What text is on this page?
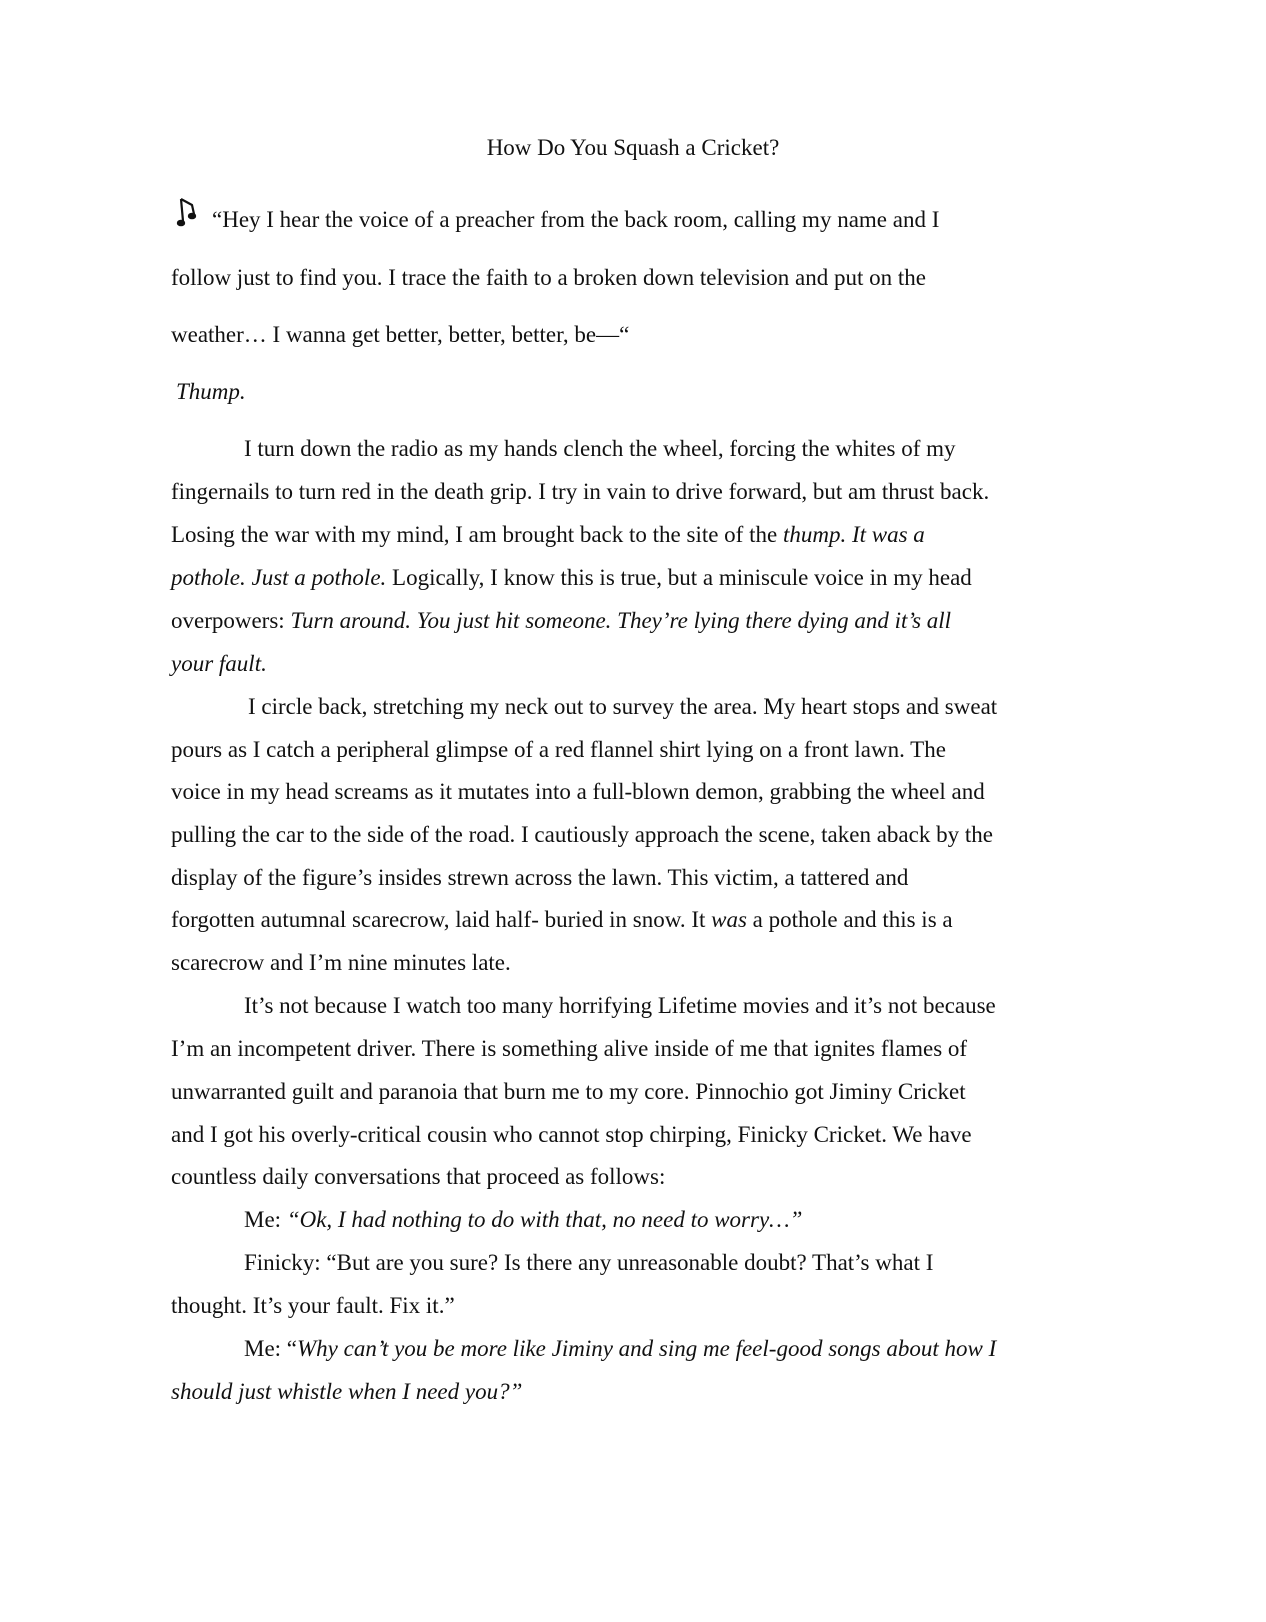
How Do You Squash a Cricket?
“Hey I hear the voice of a preacher from the back room, calling my name and I
follow just to find you. I trace the faith to a broken down television and put on the
weather… I wanna get better, better, better, be—“
Thump.
I turn down the radio as my hands clench the wheel, forcing the whites of my
fingernails to turn red in the death grip. I try in vain to drive forward, but am thrust back.
Losing the war with my mind, I am brought back to the site of the thump. It was a
pothole. Just a pothole. Logically, I know this is true, but a miniscule voice in my head
overpowers: Turn around. You just hit someone. They’re lying there dying and it’s all
your fault.
I circle back, stretching my neck out to survey the area. My heart stops and sweat
pours as I catch a peripheral glimpse of a red flannel shirt lying on a front lawn. The
voice in my head screams as it mutates into a full-blown demon, grabbing the wheel and
pulling the car to the side of the road. I cautiously approach the scene, taken aback by the
display of the figure’s insides strewn across the lawn. This victim, a tattered and
forgotten autumnal scarecrow, laid half- buried in snow. It was a pothole and this is a
scarecrow and I’m nine minutes late.
It’s not because I watch too many horrifying Lifetime movies and it’s not because
I’m an incompetent driver. There is something alive inside of me that ignites flames of
unwarranted guilt and paranoia that burn me to my core. Pinnochio got Jiminy Cricket
and I got his overly-critical cousin who cannot stop chirping, Finicky Cricket. We have
countless daily conversations that proceed as follows:
Me: “Ok, I had nothing to do with that, no need to worry…”
Finicky: “But are you sure? Is there any unreasonable doubt? That’s what I
thought. It’s your fault. Fix it.”
Me: “Why can’t you be more like Jiminy and sing me feel-good songs about how I
should just whistle when I need you?”
